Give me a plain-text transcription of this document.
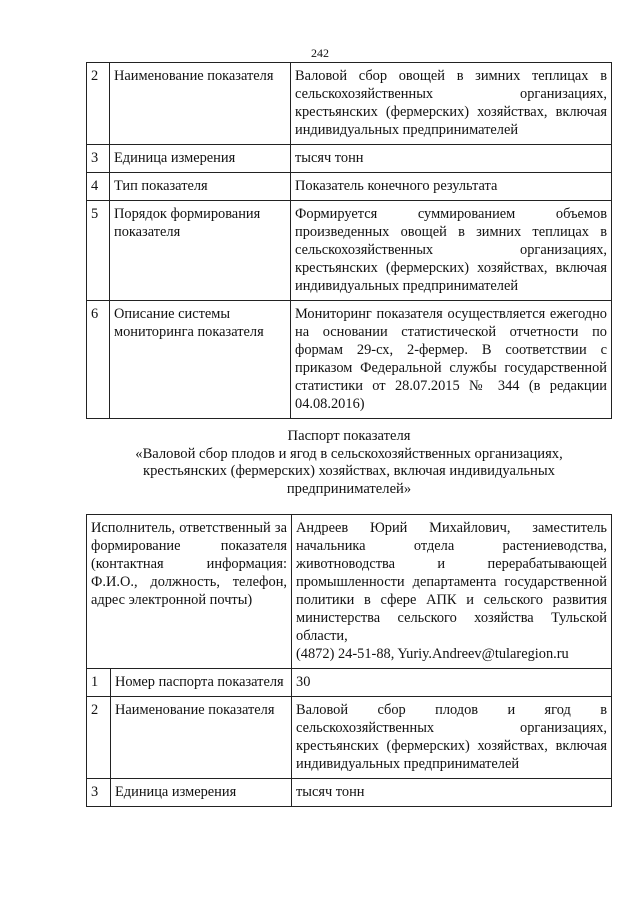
242
2	Наименование показателя	Валовой сбор овощей в зимних теплицах в сельскохозяйственных организациях, крестьянских (фермерских) хозяйствах, включая индивидуальных предпринимателей
3	Единица измерения	тысяч тонн
4	Тип показателя	Показатель конечного результата
5	Порядок формирования показателя	Формируется суммированием объемов произведенных овощей в зимних теплицах в сельскохозяйственных организациях, крестьянских (фермерских) хозяйствах, включая индивидуальных предпринимателей
6	Описание системы мониторинга показателя	Мониторинг показателя осуществляется ежегодно на основании статистической отчетности по формам 29-сх, 2-фермер. В соответствии с приказом Федеральной службы государственной статистики от 28.07.2015 № 344 (в редакции 04.08.2016)
Паспорт показателя
«Валовой сбор плодов и ягод в сельскохозяйственных организациях,
крестьянских (фермерских) хозяйствах, включая индивидуальных
предпринимателей»
Исполнитель, ответственный за формирование показателя (контактная информация: Ф.И.О., должность, телефон, адрес электронной почты)		Андреев Юрий Михайлович, заместитель начальника отдела растениеводства, животноводства и перерабатывающей промышленности департамента государственной политики в сфере АПК и сельского развития министерства сельского хозяйства Тульской области,
(4872) 24-51-88, Yuriy.Andreev@tularegion.ru

1	Номер паспорта показателя	30
2	Наименование показателя	Валовой сбор плодов и ягод в сельскохозяйственных организациях, крестьянских (фермерских) хозяйствах, включая индивидуальных предпринимателей
3	Единица измерения	тысяч тонн
